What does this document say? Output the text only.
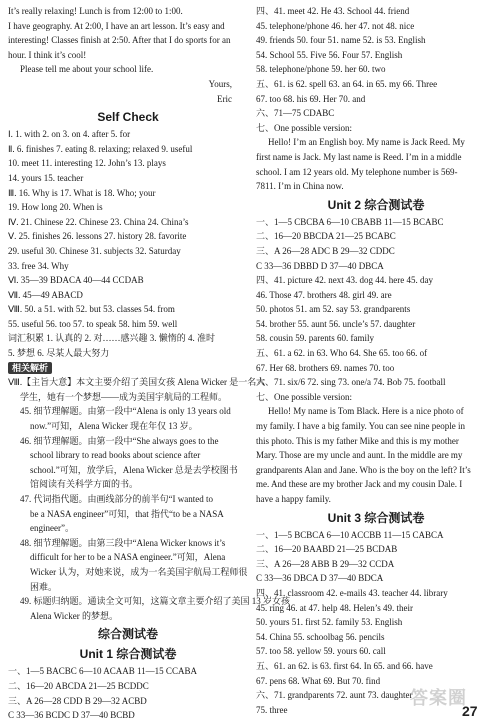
It’s really relaxing! Lunch is from 12:00 to 1:00.
I have geography. At 2:00, I have an art lesson. It’s easy and
interesting! Classes finish at 2:50. After that I do sports for an
hour. I think it’s cool!
Please tell me about your school life.
Yours,
Eric
Self Check
Ⅰ. 1. with 2. on 3. on 4. after 5. for
Ⅱ. 6. finishes 7. eating 8. relaxing; relaxed 9. useful
10. meet 11. interesting 12. John’s 13. plays
14. yours 15. teacher
Ⅲ. 16. Why is 17. What is 18. Who; your
19. How long 20. When is
Ⅳ. 21. Chinese 22. Chinese 23. China 24. China’s
Ⅴ. 25. finishes 26. lessons 27. history 28. favorite
29. useful 30. Chinese 31. subjects 32. Saturday
33. free 34. Why
Ⅵ. 35—39 BDACA 40—44 CCDAB
Ⅶ. 45—49 ABACD
Ⅷ. 50. a 51. with 52. but 53. classes 54. from
55. useful 56. too 57. to speak 58. him 59. well
词汇积累 1. 认真的 2. 对……感兴趣 3. 懒惰的 4. 准时
5. 梦想 6. 尽某人最大努力
相关解析
Ⅷ.【主旨大意】本文主要介绍了美国女孩 Alena Wicker 是一名大
学生，她有一个梦想——成为美国宇航局的工程师。
45. 细节理解题。由第一段中“Alena is only 13 years old
now.”可知，Alena Wicker 现在年仅 13 岁。
46. 细节理解题。由第一段中“She always goes to the
school library to read books about science after
school.”可知，放学后，Alena Wicker 总是去学校图书
馆阅读有关科学方面的书。
47. 代词指代题。由画线部分的前半句“I wanted to
be a NASA engineer”可知，that 指代“to be a NASA
engineer”。
48. 细节理解题。由第三段中“Alena Wicker knows it’s
difficult for her to be a NASA engineer.”可知，Alena
Wicker 认为，对她来说，成为一名美国宇航局工程师很
困难。
49. 标题归纳题。通读全文可知，这篇文章主要介绍了美国 13 岁女孩
Alena Wicker 的梦想。
综合测试卷
Unit 1 综合测试卷
一、1—5 BACBC 6—10 ACAAB 11—15 CCABA
二、16—20 ABCDA 21—25 BCDDC
三、A 26—28 CDD B 29—32 ACBD
C 33—36 BCDC D 37—40 BCBD
四、41. meet 42. He 43. School 44. friend
45. telephone/phone 46. her 47. not 48. nice
49. friends 50. four 51. name 52. is 53. English
54. School 55. Five 56. Four 57. English
58. telephone/phone 59. her 60. two
五、61. is 62. spell 63. an 64. in 65. my 66. Three
67. too 68. his 69. Her 70. and
六、71—75 CDABC
七、One possible version:
Hello! I’m an English boy. My name is Jack Reed. My
first name is Jack. My last name is Reed. I’m in a middle
school. I am 12 years old. My telephone number is 569-
7811. I’m in China now.
Unit 2 综合测试卷
一、1—5 CBCBA 6—10 CBABB 11—15 BCABC
二、16—20 BBCDA 21—25 BCABC
三、A 26—28 ADC B 29—32 CDDC
C 33—36 DBBD D 37—40 DBCA
四、41. picture 42. next 43. dog 44. here 45. day
46. Those 47. brothers 48. girl 49. are
50. photos 51. am 52. say 53. grandparents
54. brother 55. aunt 56. uncle’s 57. daughter
58. cousin 59. parents 60. family
五、61. a 62. in 63. Who 64. She 65. too 66. of
67. Her 68. brothers 69. names 70. too
六、71. six/6 72. sing 73. one/a 74. Bob 75. football
七、One possible version:
Hello! My name is Tom Black. Here is a nice photo of
my family. I have a big family. You can see nine people in
this photo. This is my father Mike and this is my mother
Mary. Those are my uncle and aunt. In the middle are my
grandparents Alan and Jane. Who is the boy on the left? It’s
me. And these are my brother Jack and my cousin Dale. I
have a happy family.
Unit 3 综合测试卷
一、1—5 BCBCA 6—10 ACCBB 11—15 CABCA
二、16—20 BAABD 21—25 BCDAB
三、A 26—28 ABB B 29—32 CCDA
C 33—36 DBCA D 37—40 BDCA
四、41. classroom 42. e-mails 43. teacher 44. library
45. ring 46. at 47. help 48. Helen’s 49. their
50. yours 51. first 52. family 53. English
54. China 55. schoolbag 56. pencils
57. too 58. yellow 59. yours 60. call
五、61. an 62. is 63. first 64. In 65. and 66. have
67. pens 68. What 69. But 70. find
六、71. grandparents 72. aunt 73. daughter
75. three
答案圈
27
